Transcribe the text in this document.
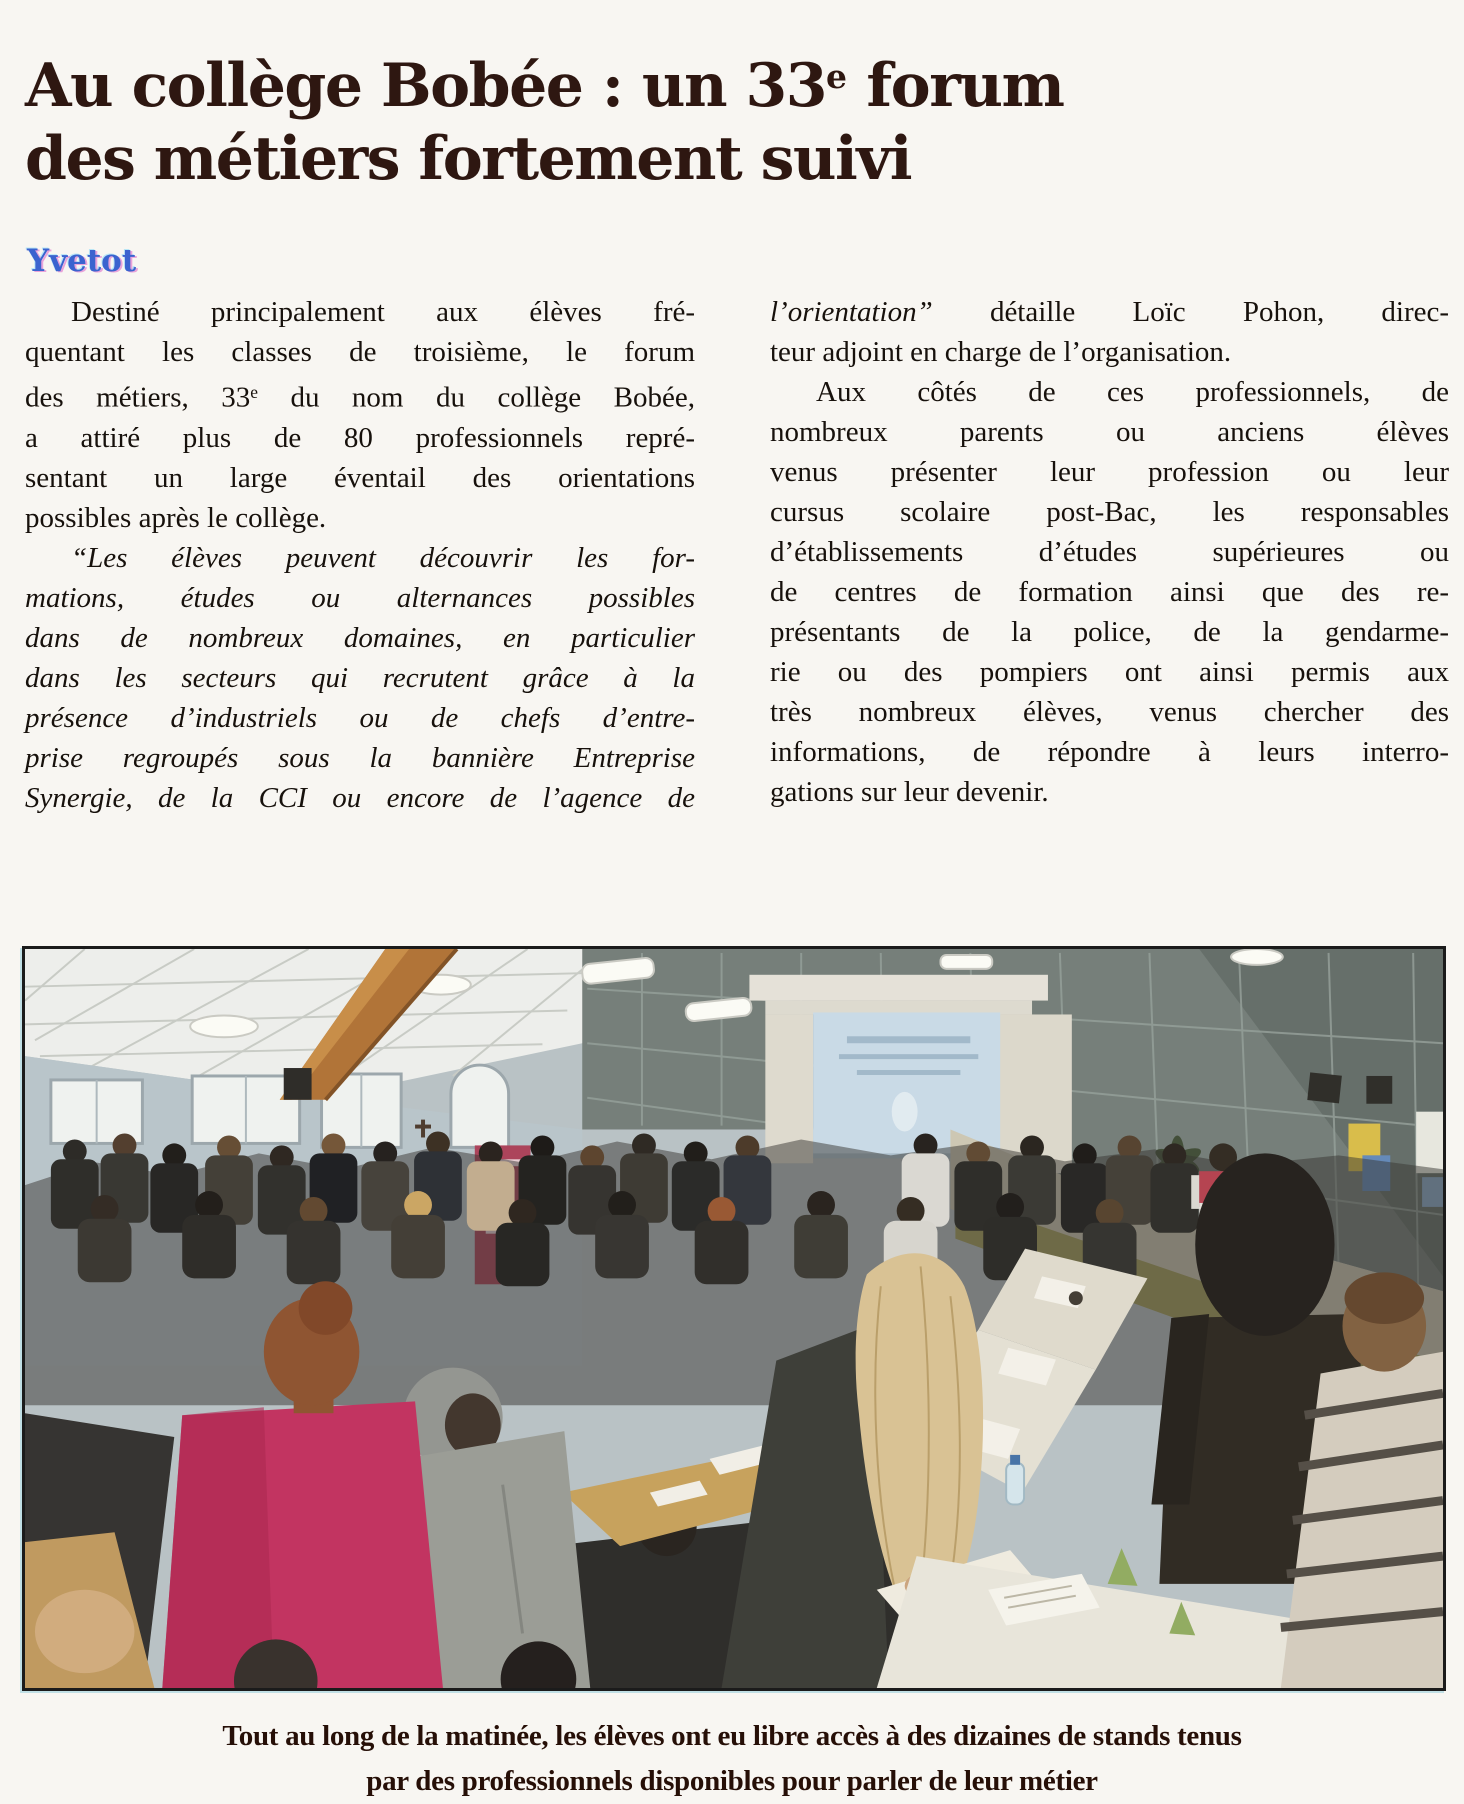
Au collège Bobée : un 33e forum
des métiers fortement suivi
Yvetot
Destiné principalement aux élèves fré-
quentant les classes de troisième, le forum
des métiers, 33e du nom du collège Bobée,
a attiré plus de 80 professionnels repré-
sentant un large éventail des orientations
possibles après le collège.
“Les élèves peuvent découvrir les for-
mations, études ou alternances possibles
dans de nombreux domaines, en particulier
dans les secteurs qui recrutent grâce à la
présence d’industriels ou de chefs d’entre-
prise regroupés sous la bannière Entreprise
Synergie, de la CCI ou encore de l’agence de
l’orientation” détaille Loïc Pohon, direc-
teur adjoint en charge de l’organisation.
Aux côtés de ces professionnels, de
nombreux parents ou anciens élèves
venus présenter leur profession ou leur
cursus scolaire post-Bac, les responsables
d’établissements d’études supérieures ou
de centres de formation ainsi que des re-
présentants de la police, de la gendarme-
rie ou des pompiers ont ainsi permis aux
très nombreux élèves, venus chercher des
informations, de répondre à leurs interro-
gations sur leur devenir.
Tout au long de la matinée, les élèves ont eu libre accès à des dizaines de stands tenus
par des professionnels disponibles pour parler de leur métier
